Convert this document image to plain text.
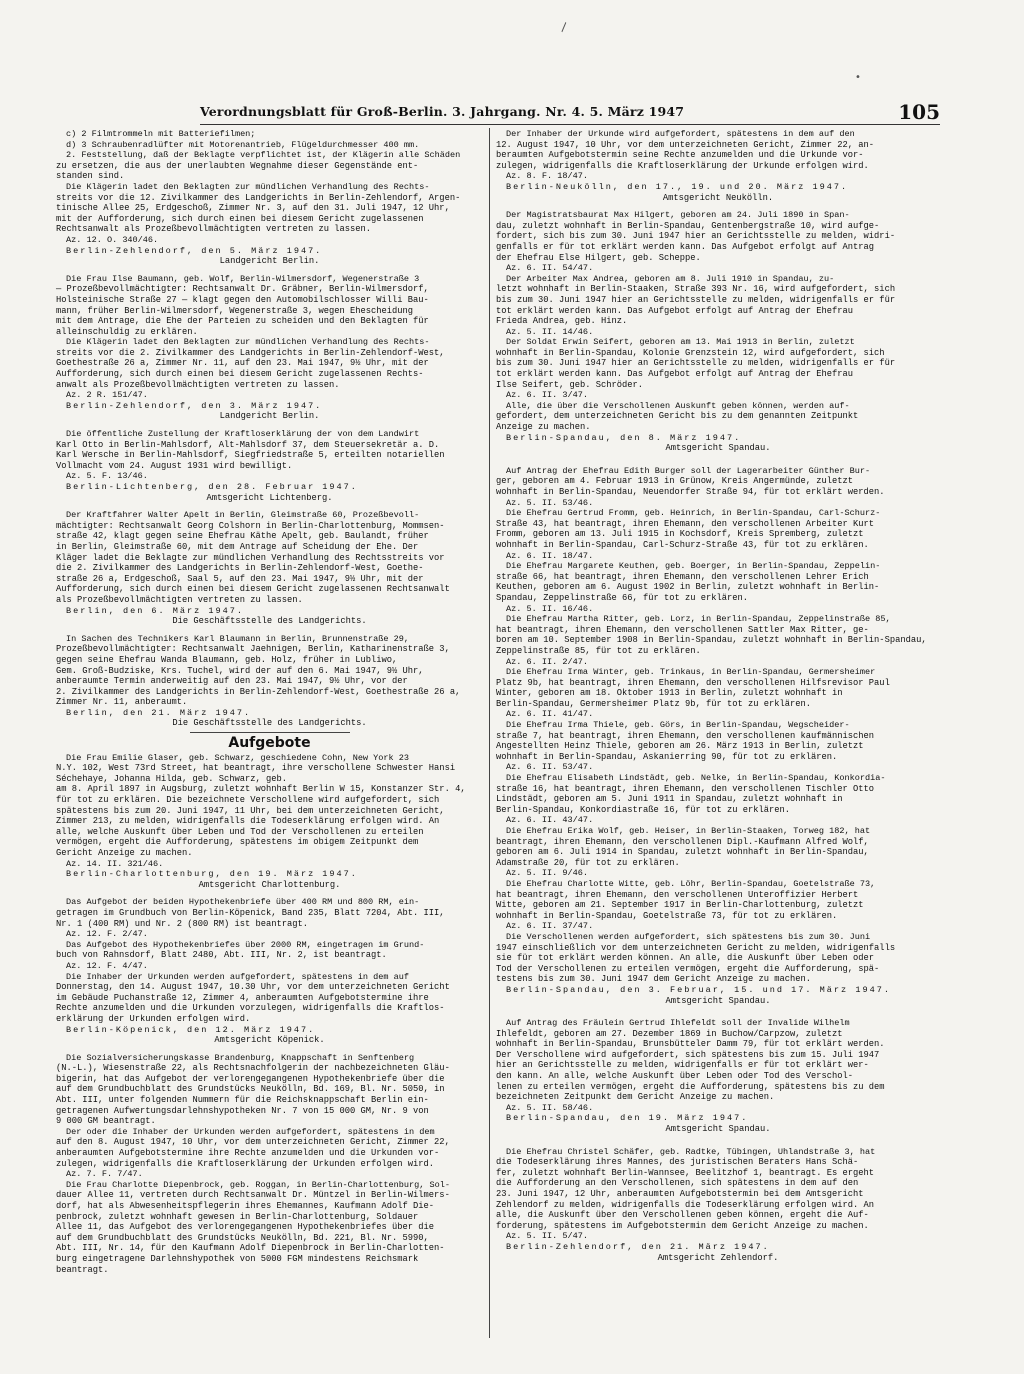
Verordnungsblatt für Groß-Berlin. 3. Jahrgang. Nr. 4. 5. März 1947	105
\
•

c) 2 Filmtrommeln mit Batteriefilmen;

d) 3 Schraubenradlüfter mit Motorenantrieb, Flügeldurchmesser 400 mm.

2. Feststellung, daß der Beklagte verpflichtet ist, der Klägerin alle Schäden

zu ersetzen, die aus der unerlaubten Wegnahme dieser Gegenstände ent-

standen sind.

Die Klägerin ladet den Beklagten zur mündlichen Verhandlung des Rechts-

streits vor die 12. Zivilkammer des Landgerichts in Berlin-Zehlendorf, Argen-

tinische Allee 25, Erdgeschoß, Zimmer Nr. 3, auf den 31. Juli 1947, 12 Uhr,

mit der Aufforderung, sich durch einen bei diesem Gericht zugelassenen

Rechtsanwalt als Prozeßbevollmächtigten vertreten zu lassen.

Az. 12. O. 340/46.

Berlin-Zehlendorf, den 5. März 1947.

Landgericht Berlin.

Die Frau Ilse Baumann, geb. Wolf, Berlin-Wilmersdorf, Wegenerstraße 3

— Prozeßbevollmächtigter: Rechtsanwalt Dr. Gräbner, Berlin-Wilmersdorf,

Holsteinische Straße 27 — klagt gegen den Automobilschlosser Willi Bau-

mann, früher Berlin-Wilmersdorf, Wegenerstraße 3, wegen Ehescheidung

mit dem Antrage, die Ehe der Parteien zu scheiden und den Beklagten für

alleinschuldig zu erklären.

Die Klägerin ladet den Beklagten zur mündlichen Verhandlung des Rechts-

streits vor die 2. Zivilkammer des Landgerichts in Berlin-Zehlendorf-West,

Goethestraße 26 a, Zimmer Nr. 11, auf den 23. Mai 1947, 9½ Uhr, mit der

Aufforderung, sich durch einen bei diesem Gericht zugelassenen Rechts-

anwalt als Prozeßbevollmächtigten vertreten zu lassen.

Az. 2 R. 151/47.

Berlin-Zehlendorf, den 3. März 1947.

Landgericht Berlin.

Die öffentliche Zustellung der Kraftloserklärung der von dem Landwirt

Karl Otto in Berlin-Mahlsdorf, Alt-Mahlsdorf 37, dem Steuersekretär a. D.

Karl Wersche in Berlin-Mahlsdorf, Siegfriedstraße 5, erteilten notariellen

Vollmacht vom 24. August 1931 wird bewilligt.

Az. 5. F. 13/46.

Berlin-Lichtenberg, den 28. Februar 1947.

Amtsgericht Lichtenberg.

Der Kraftfahrer Walter Apelt in Berlin, Gleimstraße 60, Prozeßbevoll-

mächtigter: Rechtsanwalt Georg Colshorn in Berlin-Charlottenburg, Mommsen-

straße 42, klagt gegen seine Ehefrau Käthe Apelt, geb. Baulandt, früher

in Berlin, Gleimstraße 60, mit dem Antrage auf Scheidung der Ehe. Der

Kläger ladet die Beklagte zur mündlichen Verhandlung des Rechtsstreits vor

die 2. Zivilkammer des Landgerichts in Berlin-Zehlendorf-West, Goethe-

straße 26 a, Erdgeschoß, Saal 5, auf den 23. Mai 1947, 9½ Uhr, mit der

Aufforderung, sich durch einen bei diesem Gericht zugelassenen Rechtsanwalt

als Prozeßbevollmächtigten vertreten zu lassen.

Berlin, den 6. März 1947.

Die Geschäftsstelle des Landgerichts.

In Sachen des Technikers Karl Blaumann in Berlin, Brunnenstraße 29,

Prozeßbevollmächtigter: Rechtsanwalt Jaehnigen, Berlin, Katharinenstraße 3,

gegen seine Ehefrau Wanda Blaumann, geb. Holz, früher in Lubliwo,

Gem. Groß-Budziske, Krs. Tuchel, wird der auf den 6. Mai 1947, 9½ Uhr,

anberaumte Termin anderweitig auf den 23. Mai 1947, 9½ Uhr, vor der

2. Zivilkammer des Landgerichts in Berlin-Zehlendorf-West, Goethestraße 26 a,

Zimmer Nr. 11, anberaumt.

Berlin, den 21. März 1947.

Die Geschäftsstelle des Landgerichts.

Aufgebote

Die Frau Emilie Glaser, geb. Schwarz, geschiedene Cohn, New York 23

N.Y. 102, West 73rd Street, hat beantragt, ihre verschollene Schwester Hansi

Séchehaye, Johanna Hilda, geb. Schwarz, geb.

am 8. April 1897 in Augsburg, zuletzt wohnhaft Berlin W 15, Konstanzer Str. 4,

für tot zu erklären. Die bezeichnete Verschollene wird aufgefordert, sich

spätestens bis zum 20. Juni 1947, 11 Uhr, bei dem unterzeichneten Gericht,

Zimmer 213, zu melden, widrigenfalls die Todeserklärung erfolgen wird. An

alle, welche Auskunft über Leben und Tod der Verschollenen zu erteilen

vermögen, ergeht die Aufforderung, spätestens im obigem Zeitpunkt dem

Gericht Anzeige zu machen.

Az. 14. II. 321/46.

Berlin-Charlottenburg, den 19. März 1947.

Amtsgericht Charlottenburg.

Das Aufgebot der beiden Hypothekenbriefe über 400 RM und 800 RM, ein-

getragen im Grundbuch von Berlin-Köpenick, Band 235, Blatt 7204, Abt. III,

Nr. 1 (400 RM) und Nr. 2 (800 RM) ist beantragt.

Az. 12. F. 2/47.

Das Aufgebot des Hypothekenbriefes über 2000 RM, eingetragen im Grund-

buch von Rahnsdorf, Blatt 2480, Abt. III, Nr. 2, ist beantragt.

Az. 12. F. 4/47.

Die Inhaber der Urkunden werden aufgefordert, spätestens in dem auf

Donnerstag, den 14. August 1947, 10.30 Uhr, vor dem unterzeichneten Gericht

im Gebäude Puchanstraße 12, Zimmer 4, anberaumten Aufgebotstermine ihre

Rechte anzumelden und die Urkunden vorzulegen, widrigenfalls die Kraftlos-

erklärung der Urkunden erfolgen wird.

Berlin-Köpenick, den 12. März 1947.

Amtsgericht Köpenick.

Die Sozialversicherungskasse Brandenburg, Knappschaft in Senftenberg

(N.-L.), Wiesenstraße 22, als Rechtsnachfolgerin der nachbezeichneten Gläu-

bigerin, hat das Aufgebot der verlorengegangenen Hypothekenbriefe über die

auf dem Grundbuchblatt des Grundstücks Neukölln, Bd. 169, Bl. Nr. 5050, in

Abt. III, unter folgenden Nummern für die Reichsknappschaft Berlin ein-

getragenen Aufwertungsdarlehnshypotheken Nr. 7 von 15 000 GM, Nr. 9 von

9 000 GM beantragt.

Der oder die Inhaber der Urkunden werden aufgefordert, spätestens in dem

auf den 8. August 1947, 10 Uhr, vor dem unterzeichneten Gericht, Zimmer 22,

anberaumten Aufgebotstermine ihre Rechte anzumelden und die Urkunden vor-

zulegen, widrigenfalls die Kraftloserklärung der Urkunden erfolgen wird.

Az. 7. F. 7/47.

Die Frau Charlotte Diepenbrock, geb. Roggan, in Berlin-Charlottenburg, Sol-

dauer Allee 11, vertreten durch Rechtsanwalt Dr. Müntzel in Berlin-Wilmers-

dorf, hat als Abwesenheitspflegerin ihres Ehemannes, Kaufmann Adolf Die-

penbrock, zuletzt wohnhaft gewesen in Berlin-Charlottenburg, Soldauer

Allee 11, das Aufgebot des verlorengegangenen Hypothekenbriefes über die

auf dem Grundbuchblatt des Grundstücks Neukölln, Bd. 221, Bl. Nr. 5990,

Abt. III, Nr. 14, für den Kaufmann Adolf Diepenbrock in Berlin-Charlotten-

burg eingetragene Darlehnshypothek von 5000 FGM mindestens Reichsmark

beantragt.

Der Inhaber der Urkunde wird aufgefordert, spätestens in dem auf den

12. August 1947, 10 Uhr, vor dem unterzeichneten Gericht, Zimmer 22, an-

beraumten Aufgebotstermin seine Rechte anzumelden und die Urkunde vor-

zulegen, widrigenfalls die Kraftloserklärung der Urkunde erfolgen wird.

Az. 8. F. 18/47.

Berlin-Neukölln, den 17., 19. und 20. März 1947.

Amtsgericht Neukölln.

Der Magistratsbaurat Max Hilgert, geboren am 24. Juli 1890 in Span-

dau, zuletzt wohnhaft in Berlin-Spandau, Gentenbergstraße 10, wird aufge-

fordert, sich bis zum 30. Juni 1947 hier an Gerichtsstelle zu melden, widri-

genfalls er für tot erklärt werden kann. Das Aufgebot erfolgt auf Antrag

der Ehefrau Else Hilgert, geb. Scheppe.

Az. 6. II. 54/47.

Der Arbeiter Max Andrea, geboren am 8. Juli 1910 in Spandau, zu-

letzt wohnhaft in Berlin-Staaken, Straße 393 Nr. 16, wird aufgefordert, sich

bis zum 30. Juni 1947 hier an Gerichtsstelle zu melden, widrigenfalls er für

tot erklärt werden kann. Das Aufgebot erfolgt auf Antrag der Ehefrau

Frieda Andrea, geb. Hinz.

Az. 5. II. 14/46.

Der Soldat Erwin Seifert, geboren am 13. Mai 1913 in Berlin, zuletzt

wohnhaft in Berlin-Spandau, Kolonie Grenzstein 12, wird aufgefordert, sich

bis zum 30. Juni 1947 hier an Gerichtsstelle zu melden, widrigenfalls er für

tot erklärt werden kann. Das Aufgebot erfolgt auf Antrag der Ehefrau

Ilse Seifert, geb. Schröder.

Az. 6. II. 3/47.

Alle, die über die Verschollenen Auskunft geben können, werden auf-

gefordert, dem unterzeichneten Gericht bis zu dem genannten Zeitpunkt

Anzeige zu machen.

Berlin-Spandau, den 8. März 1947.

Amtsgericht Spandau.

Auf Antrag der Ehefrau Edith Burger soll der Lagerarbeiter Günther Bur-

ger, geboren am 4. Februar 1913 in Grünow, Kreis Angermünde, zuletzt

wohnhaft in Berlin-Spandau, Neuendorfer Straße 94, für tot erklärt werden.

Az. 5. II. 53/46.

Die Ehefrau Gertrud Fromm, geb. Heinrich, in Berlin-Spandau, Carl-Schurz-

Straße 43, hat beantragt, ihren Ehemann, den verschollenen Arbeiter Kurt

Fromm, geboren am 13. Juli 1915 in Kochsdorf, Kreis Spremberg, zuletzt

wohnhaft in Berlin-Spandau, Carl-Schurz-Straße 43, für tot zu erklären.

Az. 6. II. 18/47.

Die Ehefrau Margarete Keuthen, geb. Boerger, in Berlin-Spandau, Zeppelin-

straße 66, hat beantragt, ihren Ehemann, den verschollenen Lehrer Erich

Keuthen, geboren am 6. August 1902 in Berlin, zuletzt wohnhaft in Berlin-

Spandau, Zeppelinstraße 66, für tot zu erklären.

Az. 5. II. 16/46.

Die Ehefrau Martha Ritter, geb. Lorz, in Berlin-Spandau, Zeppelinstraße 85,

hat beantragt, ihren Ehemann, den verschollenen Sattler Max Ritter, ge-

boren am 10. September 1908 in Berlin-Spandau, zuletzt wohnhaft in Berlin-Spandau,

Zeppelinstraße 85, für tot zu erklären.

Az. 6. II. 2/47.

Die Ehefrau Irma Winter, geb. Trinkaus, in Berlin-Spandau, Germersheimer

Platz 9b, hat beantragt, ihren Ehemann, den verschollenen Hilfsrevisor Paul

Winter, geboren am 18. Oktober 1913 in Berlin, zuletzt wohnhaft in

Berlin-Spandau, Germersheimer Platz 9b, für tot zu erklären.

Az. 6. II. 41/47.

Die Ehefrau Irma Thiele, geb. Görs, in Berlin-Spandau, Wegscheider-

straße 7, hat beantragt, ihren Ehemann, den verschollenen kaufmännischen

Angestellten Heinz Thiele, geboren am 26. März 1913 in Berlin, zuletzt

wohnhaft in Berlin-Spandau, Askanierring 90, für tot zu erklären.

Az. 6. II. 53/47.

Die Ehefrau Elisabeth Lindstädt, geb. Nelke, in Berlin-Spandau, Konkordia-

straße 16, hat beantragt, ihren Ehemann, den verschollenen Tischler Otto

Lindstädt, geboren am 5. Juni 1911 in Spandau, zuletzt wohnhaft in

Berlin-Spandau, Konkordiastraße 16, für tot zu erklären.

Az. 6. II. 43/47.

Die Ehefrau Erika Wolf, geb. Heiser, in Berlin-Staaken, Torweg 182, hat

beantragt, ihren Ehemann, den verschollenen Dipl.-Kaufmann Alfred Wolf,

geboren am 6. Juli 1914 in Spandau, zuletzt wohnhaft in Berlin-Spandau,

Adamstraße 20, für tot zu erklären.

Az. 5. II. 9/46.

Die Ehefrau Charlotte Witte, geb. Löhr, Berlin-Spandau, Goetelstraße 73,

hat beantragt, ihren Ehemann, den verschollenen Unteroffizier Herbert

Witte, geboren am 21. September 1917 in Berlin-Charlottenburg, zuletzt

wohnhaft in Berlin-Spandau, Goetelstraße 73, für tot zu erklären.

Az. 6. II. 37/47.

Die Verschollenen werden aufgefordert, sich spätestens bis zum 30. Juni

1947 einschließlich vor dem unterzeichneten Gericht zu melden, widrigenfalls

sie für tot erklärt werden können. An alle, die Auskunft über Leben oder

Tod der Verschollenen zu erteilen vermögen, ergeht die Aufforderung, spä-

testens bis zum 30. Juni 1947 dem Gericht Anzeige zu machen.

Berlin-Spandau, den 3. Februar, 15. und 17. März 1947.

Amtsgericht Spandau.

Auf Antrag des Fräulein Gertrud Ihlefeldt soll der Invalide Wilhelm

Ihlefeldt, geboren am 27. Dezember 1869 in Buchow/Carpzow, zuletzt

wohnhaft in Berlin-Spandau, Brunsbütteler Damm 79, für tot erklärt werden.

Der Verschollene wird aufgefordert, sich spätestens bis zum 15. Juli 1947

hier an Gerichtsstelle zu melden, widrigenfalls er für tot erklärt wer-

den kann. An alle, welche Auskunft über Leben oder Tod des Verschol-

lenen zu erteilen vermögen, ergeht die Aufforderung, spätestens bis zu dem

bezeichneten Zeitpunkt dem Gericht Anzeige zu machen.

Az. 5. II. 58/46.

Berlin-Spandau, den 19. März 1947.

Amtsgericht Spandau.

Die Ehefrau Christel Schäfer, geb. Radtke, Tübingen, Uhlandstraße 3, hat

die Todeserklärung ihres Mannes, des juristischen Beraters Hans Schä-

fer, zuletzt wohnhaft Berlin-Wannsee, Beelitzhof 1, beantragt. Es ergeht

die Aufforderung an den Verschollenen, sich spätestens in dem auf den

23. Juni 1947, 12 Uhr, anberaumten Aufgebotstermin bei dem Amtsgericht

Zehlendorf zu melden, widrigenfalls die Todeserklärung erfolgen wird. An

alle, die Auskunft über den Verschollenen geben können, ergeht die Auf-

forderung, spätestens im Aufgebotstermin dem Gericht Anzeige zu machen.

Az. 5. II. 5/47.

Berlin-Zehlendorf, den 21. März 1947.

Amtsgericht Zehlendorf.
